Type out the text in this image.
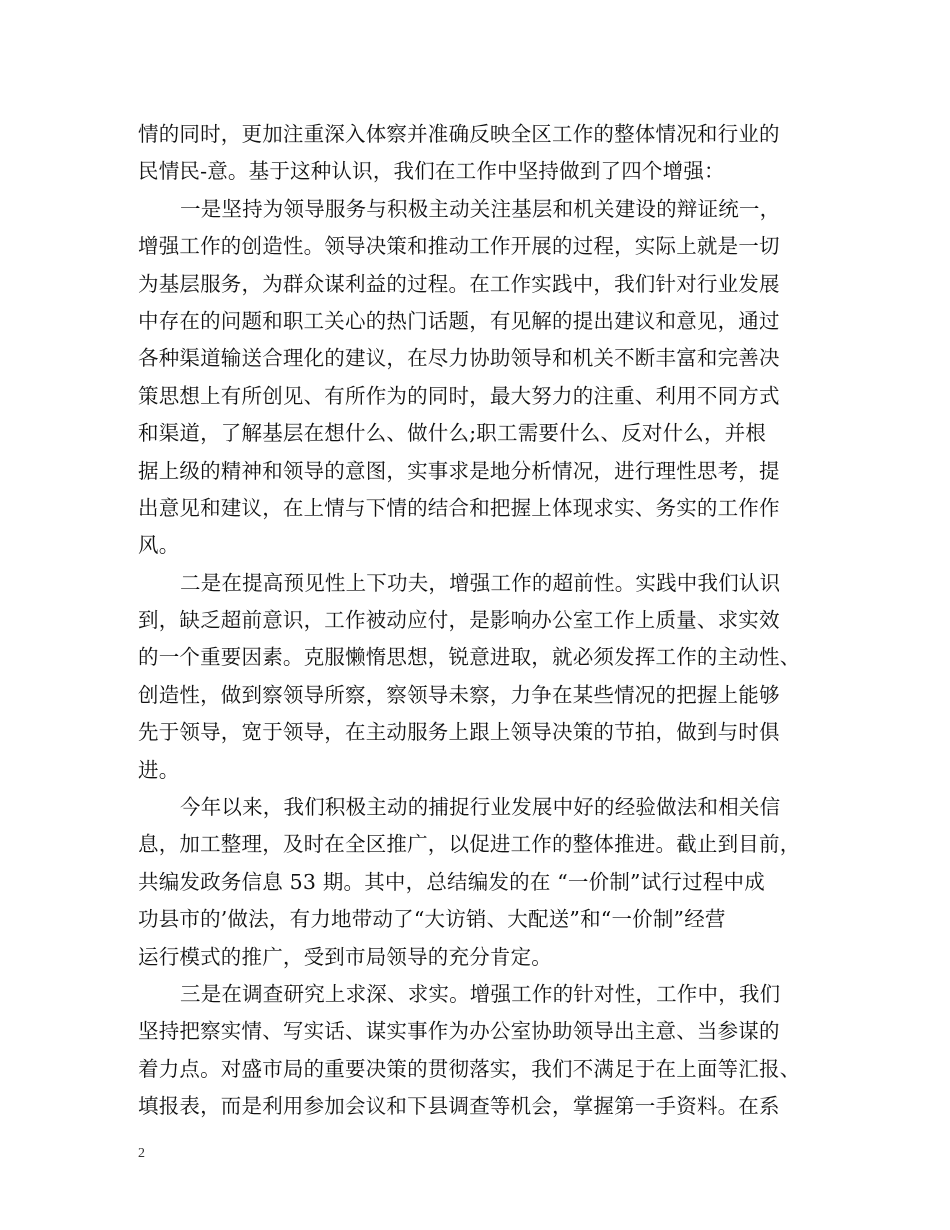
情的同时，更加注重深入体察并准确反映全区工作的整体情况和行业的
民情民-意。基于这种认识，我们在工作中坚持做到了四个增强：
一是坚持为领导服务与积极主动关注基层和机关建设的辩证统一，
增强工作的创造性。领导决策和推动工作开展的过程，实际上就是一切
为基层服务，为群众谋利益的过程。在工作实践中，我们针对行业发展
中存在的问题和职工关心的热门话题，有见解的提出建议和意见，通过
各种渠道输送合理化的建议，在尽力协助领导和机关不断丰富和完善决
策思想上有所创见、有所作为的同时，最大努力的注重、利用不同方式
和渠道，了解基层在想什么、做什么;职工需要什么、反对什么，并根
据上级的精神和领导的意图，实事求是地分析情况，进行理性思考，提
出意见和建议，在上情与下情的结合和把握上体现求实、务实的工作作
风。
二是在提高预见性上下功夫，增强工作的超前性。实践中我们认识
到，缺乏超前意识，工作被动应付，是影响办公室工作上质量、求实效
的一个重要因素。克服懒惰思想，锐意进取，就必须发挥工作的主动性、
创造性，做到察领导所察，察领导未察，力争在某些情况的把握上能够
先于领导，宽于领导，在主动服务上跟上领导决策的节拍，做到与时俱
进。
今年以来，我们积极主动的捕捉行业发展中好的经验做法和相关信
息，加工整理，及时在全区推广，以促进工作的整体推进。截止到目前，
共编发政务信息 53 期。其中，总结编发的在 “一价制”试行过程中成
功县市的’做法，有力地带动了“大访销、大配送”和“一价制”经营
运行模式的推广，受到市局领导的充分肯定。
三是在调查研究上求深、求实。增强工作的针对性，工作中，我们
坚持把察实情、写实话、谋实事作为办公室协助领导出主意、当参谋的
着力点。对盛市局的重要决策的贯彻落实，我们不满足于在上面等汇报、
填报表，而是利用参加会议和下县调查等机会，掌握第一手资料。在系
2
